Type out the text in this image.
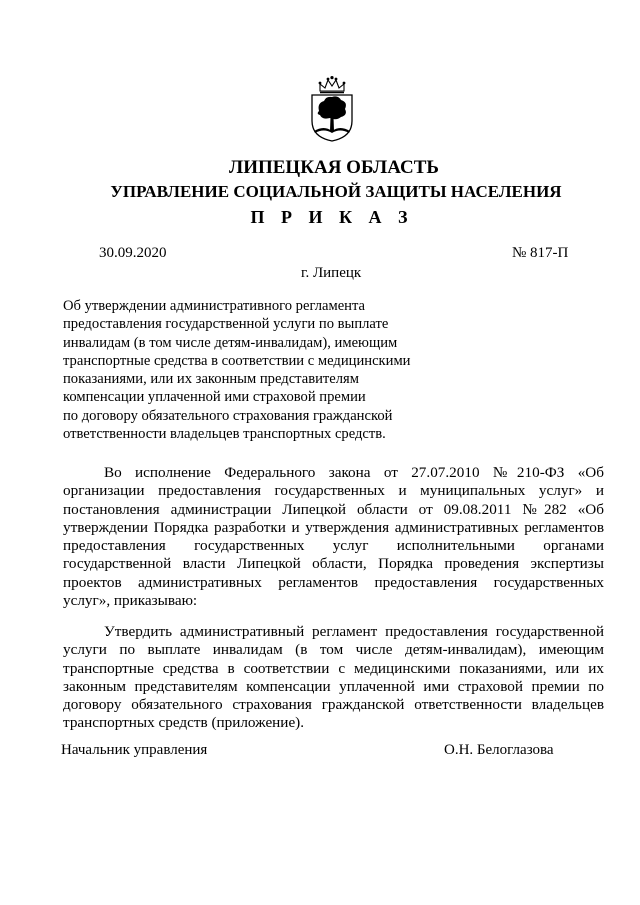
ЛИПЕЦКАЯ ОБЛАСТЬ
УПРАВЛЕНИЕ СОЦИАЛЬНОЙ ЗАЩИТЫ НАСЕЛЕНИЯ
П Р И К А З
30.09.2020	№ 817-П
г. Липецк
Об утверждении административного регламента
предоставления государственной услуги по выплате
инвалидам (в том числе детям-инвалидам), имеющим
транспортные средства в соответствии с медицинскими
показаниями, или их законным представителям
компенсации уплаченной ими страховой премии
по договору обязательного страхования гражданской
ответственности владельцев транспортных средств.
Во исполнение Федерального закона от 27.07.2010 №210-ФЗ «Об организации предоставления государственных и муниципальных услуг» и постановления администрации Липецкой области от 09.08.2011 №282 «Об утверждении Порядка разработки и утверждения административных регламентов предоставления государственных услуг исполнительными органами государственной власти Липецкой области, Порядка проведения экспертизы проектов административных регламентов предоставления государственных услуг», приказываю:
Утвердить административный регламент предоставления государственной услуги по выплате инвалидам (в том числе детям-инвалидам), имеющим транспортные средства в соответствии с медицинскими показаниями, или их законным представителям компенсации уплаченной ими страховой премии по договору обязательного страхования гражданской ответственности владельцев транспортных средств (приложение).
Начальник управления	О.Н. Белоглазова
